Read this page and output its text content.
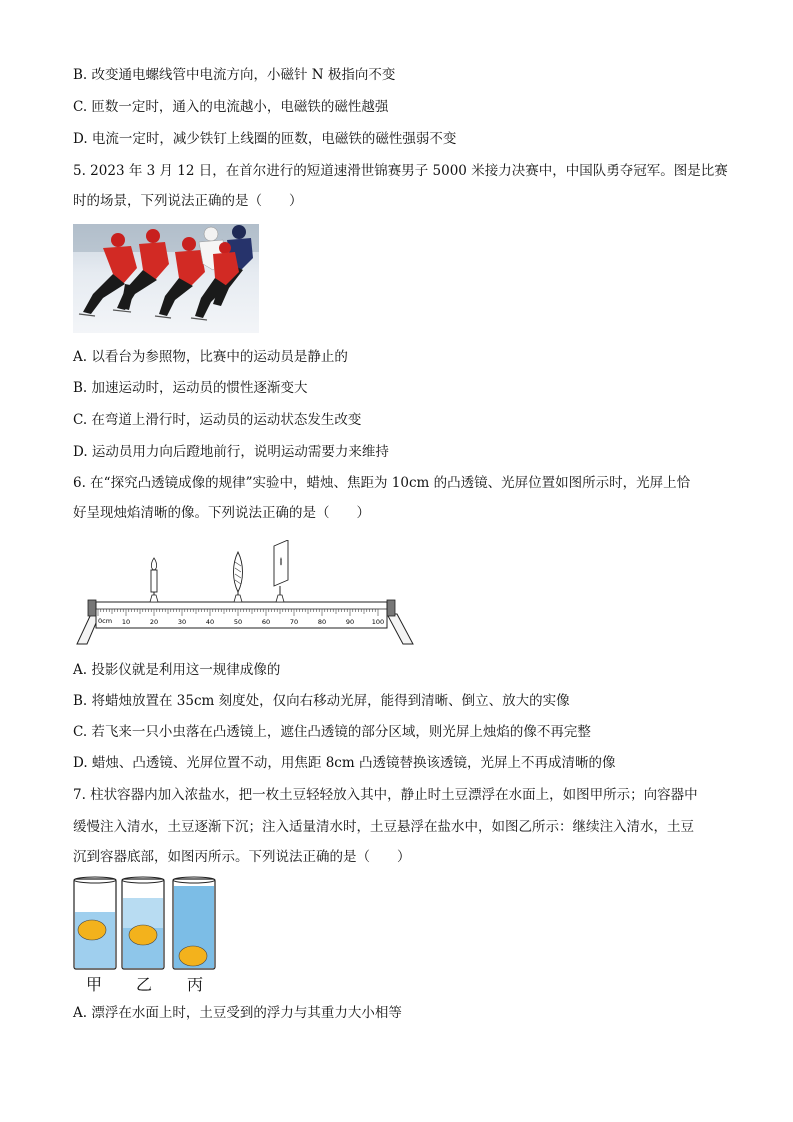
B. 改变通电螺线管中电流方向，小磁针 N 极指向不变
C. 匝数一定时，通入的电流越小，电磁铁的磁性越强
D. 电流一定时，减少铁钉上线圈的匝数，电磁铁的磁性强弱不变
5. 2023 年 3 月 12 日，在首尔进行的短道速滑世锦赛男子 5000 米接力决赛中，中国队勇夺冠军。图是比赛
时的场景，下列说法正确的是（　　）
A. 以看台为参照物，比赛中的运动员是静止的
B. 加速运动时，运动员的惯性逐渐变大
C. 在弯道上滑行时，运动员的运动状态发生改变
D. 运动员用力向后蹬地前行，说明运动需要力来维持
6. 在“探究凸透镜成像的规律”实验中，蜡烛、焦距为 10cm 的凸透镜、光屏位置如图所示时，光屏上恰
好呈现烛焰清晰的像。下列说法正确的是（　　）
0cm 10	20	30	40	50	60	70	80	90	100
A. 投影仪就是利用这一规律成像的
B. 将蜡烛放置在 35cm 刻度处，仅向右移动光屏，能得到清晰、倒立、放大的实像
C. 若飞来一只小虫落在凸透镜上，遮住凸透镜的部分区域，则光屏上烛焰的像不再完整
D. 蜡烛、凸透镜、光屏位置不动，用焦距 8cm 凸透镜替换该透镜，光屏上不再成清晰的像
7. 柱状容器内加入浓盐水，把一枚土豆轻轻放入其中，静止时土豆漂浮在水面上，如图甲所示；向容器中
缓慢注入清水，土豆逐渐下沉；注入适量清水时，土豆悬浮在盐水中，如图乙所示：继续注入清水，土豆
沉到容器底部，如图丙所示。下列说法正确的是（　　）
甲 乙 丙
A. 漂浮在水面上时，土豆受到的浮力与其重力大小相等
